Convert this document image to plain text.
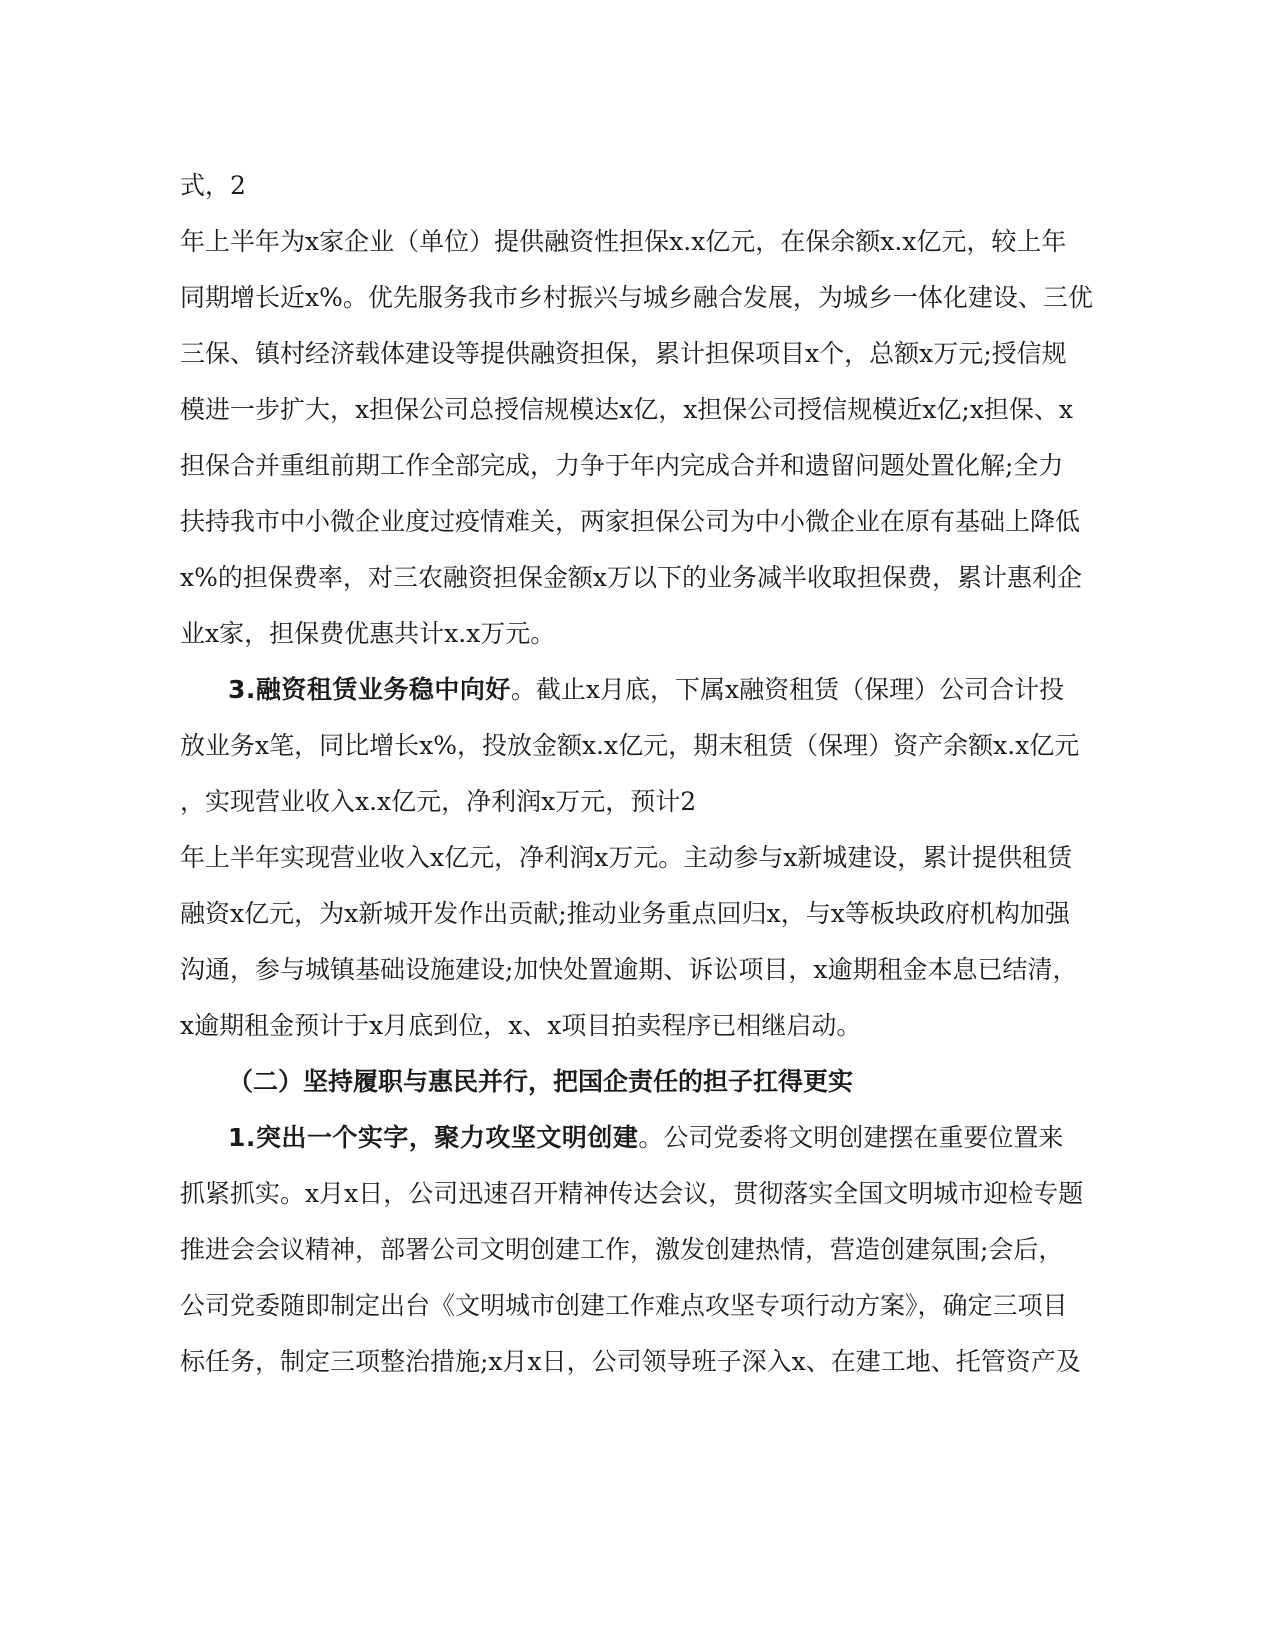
式，2
年上半年为x家企业（单位）提供融资性担保x.x亿元，在保余额x.x亿元，较上年
同期增长近x%。优先服务我市乡村振兴与城乡融合发展，为城乡一体化建设、三优
三保、镇村经济载体建设等提供融资担保，累计担保项目x个，总额x万元;授信规
模进一步扩大，x担保公司总授信规模达x亿，x担保公司授信规模近x亿;x担保、x
担保合并重组前期工作全部完成，力争于年内完成合并和遗留问题处置化解;全力
扶持我市中小微企业度过疫情难关，两家担保公司为中小微企业在原有基础上降低
x%的担保费率，对三农融资担保金额x万以下的业务减半收取担保费，累计惠利企
业x家，担保费优惠共计x.x万元。
3.融资租赁业务稳中向好。截止x月底，下属x融资租赁（保理）公司合计投
放业务x笔，同比增长x%，投放金额x.x亿元，期末租赁（保理）资产余额x.x亿元
，实现营业收入x.x亿元，净利润x万元，预计2
年上半年实现营业收入x亿元，净利润x万元。主动参与x新城建设，累计提供租赁
融资x亿元，为x新城开发作出贡献;推动业务重点回归x，与x等板块政府机构加强
沟通，参与城镇基础设施建设;加快处置逾期、诉讼项目，x逾期租金本息已结清，
x逾期租金预计于x月底到位，x、x项目拍卖程序已相继启动。
（二）坚持履职与惠民并行，把国企责任的担子扛得更实
1.突出一个实字，聚力攻坚文明创建。公司党委将文明创建摆在重要位置来
抓紧抓实。x月x日，公司迅速召开精神传达会议，贯彻落实全国文明城市迎检专题
推进会会议精神，部署公司文明创建工作，激发创建热情，营造创建氛围;会后，
公司党委随即制定出台《文明城市创建工作难点攻坚专项行动方案》，确定三项目
标任务，制定三项整治措施;x月x日，公司领导班子深入x、在建工地、托管资产及
